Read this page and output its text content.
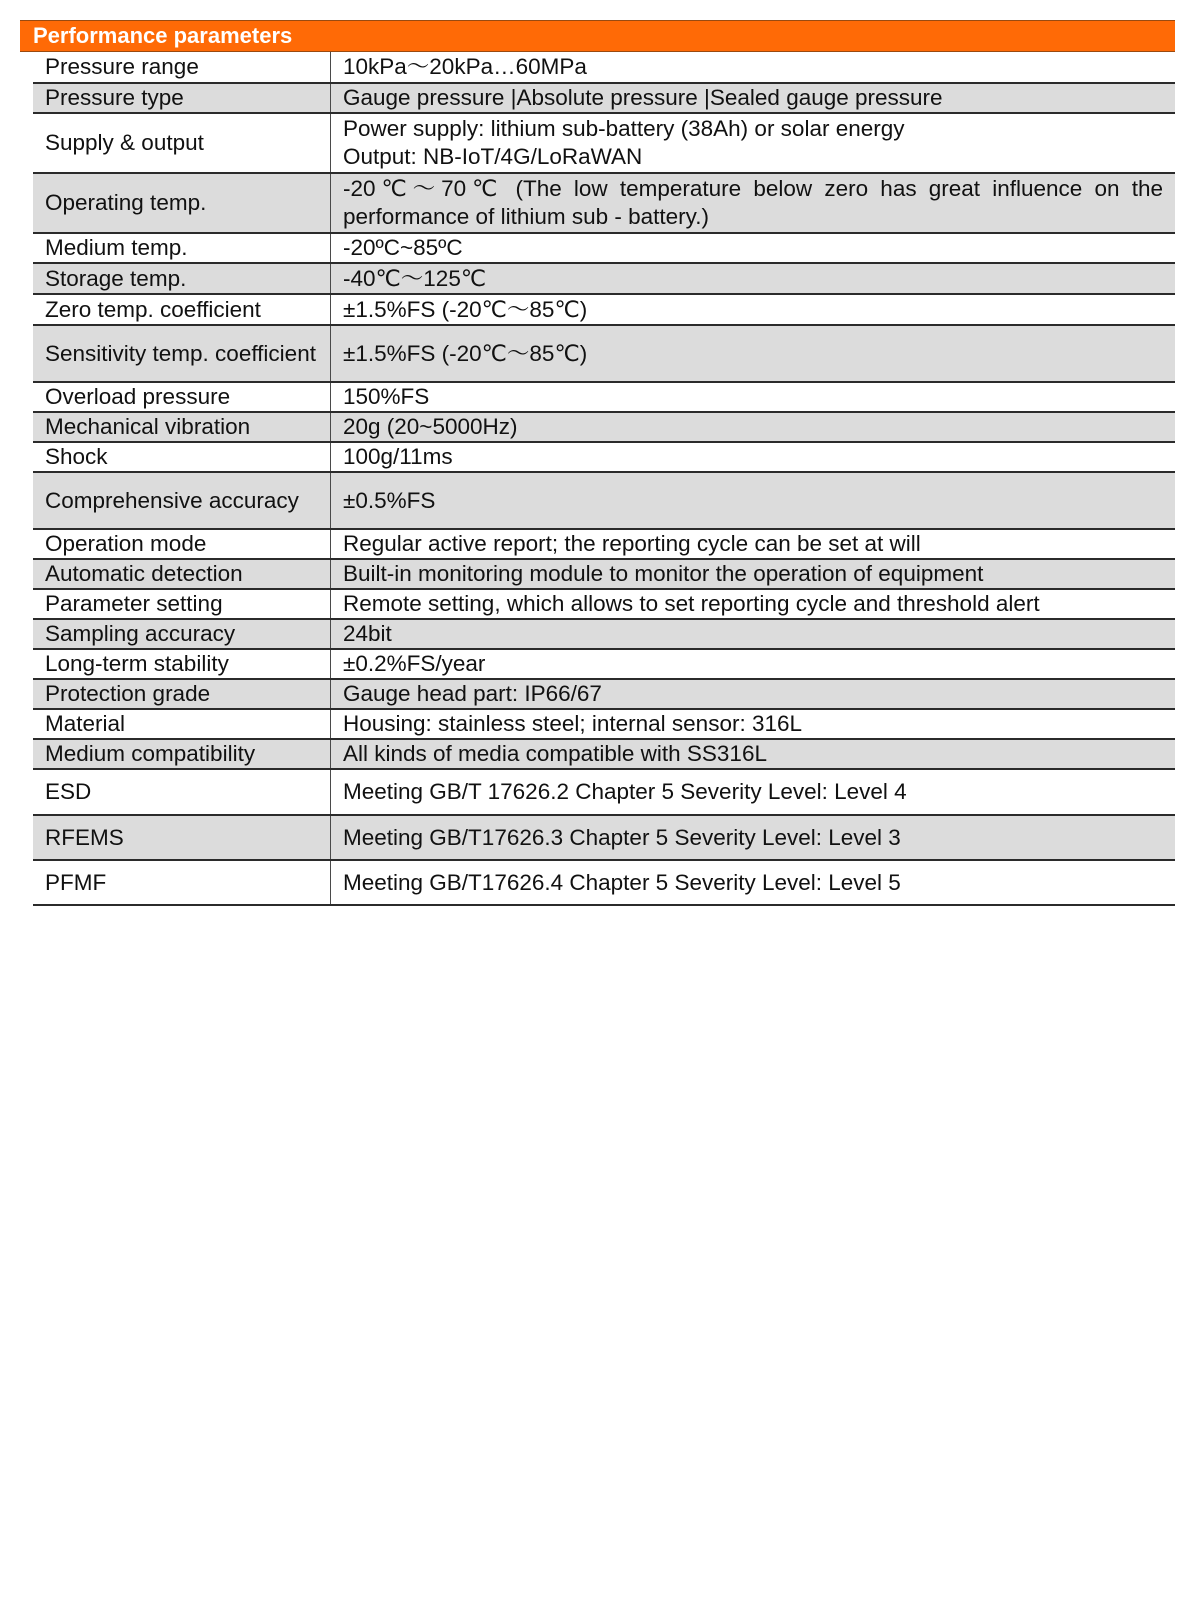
Performance parameters
Pressure range	10kPa～20kPa…60MPa

Pressure type	Gauge pressure |Absolute pressure |Sealed gauge pressure

Supply & output	Power supply: lithium sub-battery (38Ah) or solar energy
Output: NB-IoT/4G/LoRaWAN

Operating temp.	-20℃～70℃ (The low temperature below zero has great influence on the performance of lithium sub - battery.)

Medium temp.	-20ºC~85ºC

Storage temp.	-40℃～125℃

Zero temp. coefficient	±1.5%FS (-20℃～85℃)

Sensitivity temp. coefficient	±1.5%FS (-20℃～85℃)

Overload pressure	150%FS

Mechanical vibration	20g (20~5000Hz)

Shock	100g/11ms

Comprehensive accuracy	±0.5%FS

Operation mode	Regular active report; the reporting cycle can be set at will

Automatic detection	Built-in monitoring module to monitor the operation of equipment

Parameter setting	Remote setting, which allows to set reporting cycle and threshold alert

Sampling accuracy	24bit

Long-term stability	±0.2%FS/year

Protection grade	Gauge head part: IP66/67

Material	Housing: stainless steel; internal sensor: 316L

Medium compatibility	All kinds of media compatible with SS316L

ESD	Meeting GB/T 17626.2 Chapter 5 Severity Level: Level 4

RFEMS	Meeting GB/T17626.3 Chapter 5 Severity Level: Level 3

PFMF	Meeting GB/T17626.4 Chapter 5 Severity Level: Level 5
